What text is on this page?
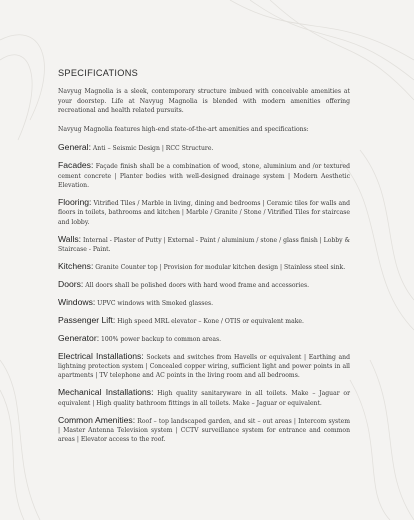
SPECIFICATIONS

Navyug Magnolia is a sleek, contemporary structure imbued with conceivable amenities at your doorstep. Life at Navyug Magnolia is blended with modern amenities offering recreational and health related pursuits.

Navyug Magnolia features high-end state-of-the-art amenities and specifications:

General: Anti – Seismic Design | RCC Structure.

Facades: Façade finish shall be a combination of wood, stone, aluminium and /or textured cement concrete | Planter bodies with well-designed drainage system | Modern Aesthetic Elevation.

Flooring: Vitrified Tiles / Marble in living, dining and bedrooms | Ceramic tiles for walls and floors in toilets, bathrooms and kitchen | Marble / Granite / Stone / Vitrified Tiles for staircase and lobby.

Walls: Internal - Plaster of Putty | External - Paint / aluminium / stone / glass finish | Lobby & Staircase - Paint.

Kitchens: Granite Counter top | Provision for modular kitchen design | Stainless steel sink.

Doors: All doors shall be polished doors with hard wood frame and accessories.

Windows: UPVC windows with Smoked glasses.

Passenger Lift: High speed MRL elevator – Kone / OTIS or equivalent make.

Generator: 100% power backup to common areas.

Electrical Installations: Sockets and switches from Havells or equivalent | Earthing and lightning protection system | Concealed copper wiring, sufficient light and power points in all apartments | TV telephone and AC points in the living room and all bedrooms.

Mechanical Installations: High quality sanitaryware in all toilets. Make – Jaguar or equivalent | High quality bathroom fittings in all toilets. Make – Jaguar or equivalent.

Common Amenities: Roof – top landscaped garden, and sit – out areas | Intercom system | Master Antenna Television system | CCTV surveillance system for entrance and common areas | Elevator access to the roof.
